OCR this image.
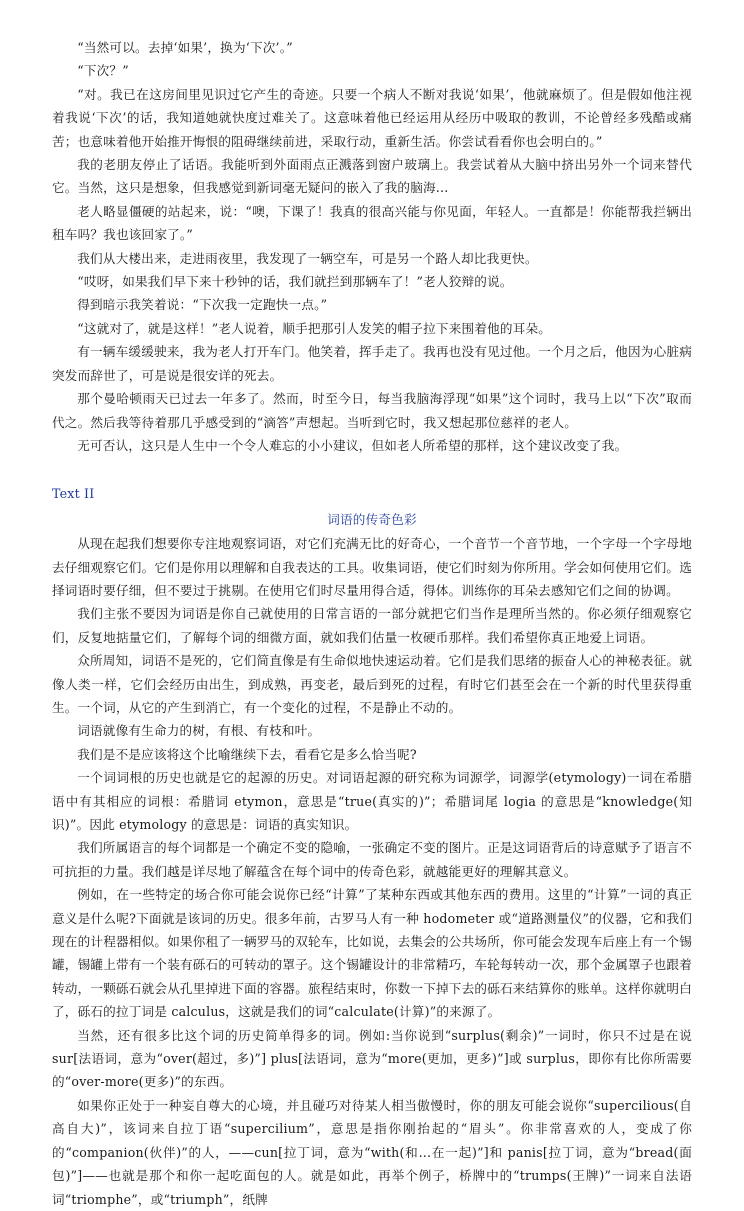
“当然可以。去掉‘如果’，换为‘下次’。”

“下次？”

“对。我已在这房间里见识过它产生的奇迹。只要一个病人不断对我说‘如果’，他就麻烦了。但是假如他注视着我说‘下次’的话，我知道她就快度过难关了。这意味着他已经运用从经历中吸取的教训，不论曾经多残酷或痛苦；也意味着他开始推开悔恨的阻碍继续前进，采取行动，重新生活。你尝试看看你也会明白的。”

我的老朋友停止了话语。我能听到外面雨点正溅落到窗户玻璃上。我尝试着从大脑中挤出另外一个词来替代它。当然，这只是想象，但我感觉到新词毫无疑问的嵌入了我的脑海...

老人略显僵硬的站起来，说：“噢，下课了！我真的很高兴能与你见面，年轻人。一直都是！你能帮我拦辆出租车吗？我也该回家了。”

我们从大楼出来，走进雨夜里，我发现了一辆空车，可是另一个路人却比我更快。

“哎呀，如果我们早下来十秒钟的话，我们就拦到那辆车了！”老人狡辩的说。

得到暗示我笑着说：“下次我一定跑快一点。”

“这就对了，就是这样！”老人说着，顺手把那引人发笑的帽子拉下来围着他的耳朵。

有一辆车缓缓驶来，我为老人打开车门。他笑着，挥手走了。我再也没有见过他。一个月之后，他因为心脏病突发而辞世了，可是说是很安详的死去。

那个曼哈顿雨天已过去一年多了。然而，时至今日，每当我脑海浮现“如果”这个词时，我马上以“下次”取而代之。然后我等待着那几乎感受到的“滴答”声想起。当听到它时，我又想起那位慈祥的老人。

无可否认，这只是人生中一个令人难忘的小小建议，但如老人所希望的那样，这个建议改变了我。

Text II

词语的传奇色彩

从现在起我们想要你专注地观察词语，对它们充满无比的好奇心，一个音节一个音节地，一个字母一个字母地去仔细观察它们。它们是你用以理解和自我表达的工具。收集词语，使它们时刻为你所用。学会如何使用它们。选择词语时要仔细，但不要过于挑剔。在使用它们时尽量用得合适，得体。训练你的耳朵去感知它们之间的协调。

我们主张不要因为词语是你自己就使用的日常言语的一部分就把它们当作是理所当然的。你必须仔细观察它们，反复地掂量它们，了解每个词的细微方面，就如我们估量一枚硬币那样。我们希望你真正地爱上词语。

众所周知，词语不是死的，它们简直像是有生命似地快速运动着。它们是我们思绪的振奋人心的神秘表征。就像人类一样，它们会经历由出生，到成熟，再变老，最后到死的过程，有时它们甚至会在一个新的时代里获得重生。一个词，从它的产生到消亡，有一个变化的过程，不是静止不动的。

词语就像有生命力的树，有根、有枝和叶。

我们是不是应该将这个比喻继续下去，看看它是多么恰当呢?

一个词词根的历史也就是它的起源的历史。对词语起源的研究称为词源学，词源学(etymology)一词在希腊语中有其相应的词根：希腊词 etymon，意思是“true(真实的)”；希腊词尾 logia 的意思是“knowledge(知识)”。因此 etymology 的意思是：词语的真实知识。

我们所属语言的每个词都是一个确定不变的隐喻，一张确定不变的图片。正是这词语背后的诗意赋予了语言不可抗拒的力量。我们越是详尽地了解蕴含在每个词中的传奇色彩，就越能更好的理解其意义。

例如，在一些特定的场合你可能会说你已经“计算”了某种东西或其他东西的费用。这里的“计算”一词的真正意义是什么呢?下面就是该词的历史。很多年前，古罗马人有一种 hodometer 或“道路测量仪”的仪器，它和我们现在的计程器相似。如果你租了一辆罗马的双轮车，比如说，去集会的公共场所，你可能会发现车后座上有一个锡罐，锡罐上带有一个装有砾石的可转动的罩子。这个锡罐设计的非常精巧，车轮每转动一次，那个金属罩子也跟着转动，一颗砾石就会从孔里掉进下面的容器。旅程结束时，你数一下掉下去的砾石来结算你的账单。这样你就明白了，砾石的拉丁词是 calculus，这就是我们的词“calculate(计算)”的来源了。

当然，还有很多比这个词的历史简单得多的词。例如:当你说到“surplus(剩余)”一词时，你只不过是在说 sur[法语词，意为“over(超过，多)”] plus[法语词，意为“more(更加，更多)”]或 surplus，即你有比你所需要的“over-more(更多)”的东西。

如果你正处于一种妄自尊大的心境，并且碰巧对待某人相当傲慢时，你的朋友可能会说你“supercilious(自高自大)”，该词来自拉丁语“supercilium”，意思是指你刚抬起的“眉头”。你非常喜欢的人，变成了你的“companion(伙伴)”的人，——cun[拉丁词，意为“with(和…在一起)”]和 panis[拉丁词，意为“bread(面包)”]——也就是那个和你一起吃面包的人。就是如此，再举个例子，桥牌中的“trumps(王牌)”一词来自法语词“triomphe”，或“triumph”，纸牌
